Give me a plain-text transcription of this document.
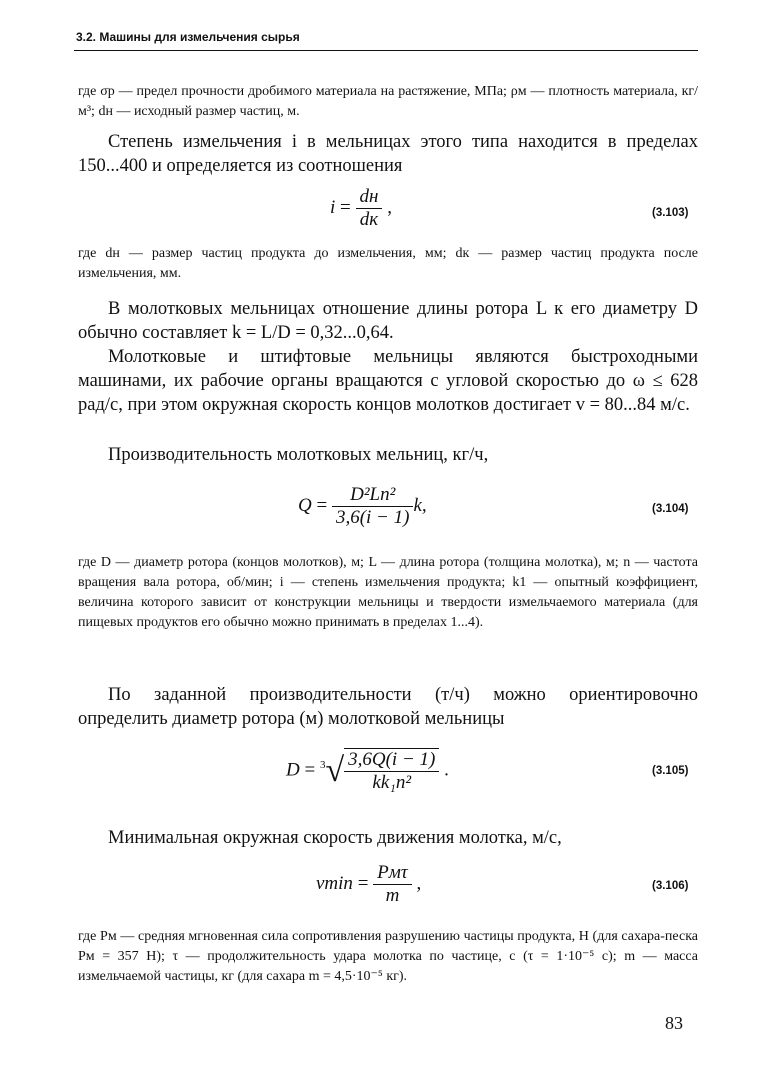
3.2. Машины для измельчения сырья

где σр — предел прочности дробимого материала на растяжение, МПа; ρм — плотность материала, кг/м³; dн — исходный размер частиц, м.

Степень измельчения i в мельницах этого типа находится в пределах 150...400 и определяется из соотношения

$i = \frac{dн}{dк}$ ,	(3.103)

где dн — размер частиц продукта до измельчения, мм; dк — размер частиц продукта после измельчения, мм.

В молотковых мельницах отношение длины ротора L к его диаметру D обычно составляет k = L/D = 0,32...0,64.

Молотковые и штифтовые мельницы являются быстроходными машинами, их рабочие органы вращаются с угловой скоростью до ω ≤ 628 рад/с, при этом окружная скорость концов молотков достигает v = 80...84 м/с.

Производительность молотковых мельниц, кг/ч,

$Q = \frac{\text{D²Ln²}}{3,6(i - 1)} k$,	(3.104)

где D — диаметр ротора (концов молотков), м; L — длина ротора (толщина молотка), м; n — частота вращения вала ротора, об/мин; i — степень измельчения продукта; k1 — опытный коэффициент, величина которого зависит от конструкции мельницы и твердости измельчаемого материала (для пищевых продуктов его обычно можно принимать в пределах 1...4).

По заданной производительности (т/ч) можно ориентировочно определить диаметр ротора (м) молотковой мельницы

$D = ^3√ \frac{3,6Q(i - 1)}{\text{kk₁n²}}$ .	(3.105)

Минимальная окружная скорость движения молотка, м/с,

$vmin = \frac{\text{Pмτ}}{m}$ ,	(3.106)

где Pм — средняя мгновенная сила сопротивления разрушению частицы продукта, Н (для сахара-песка Pм = 357 Н); τ — продолжительность удара молотка по частице, с (τ = 1·10⁻⁵ с); m — масса измельчаемой частицы, кг (для сахара m = 4,5·10⁻⁵ кг).

83
